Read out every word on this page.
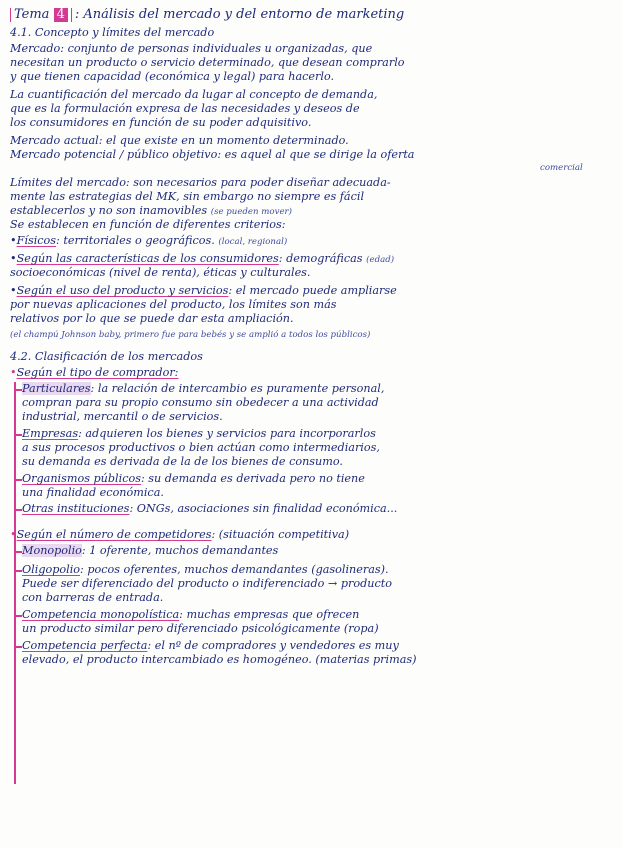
Tema 4 : Análisis del mercado y del entorno de marketing
4.1. Concepto y límites del mercado
Mercado: conjunto de personas individuales u organizadas, que
necesitan un producto o servicio determinado, que desean comprarlo
y que tienen capacidad (económica y legal) para hacerlo.
La cuantificación del mercado da lugar al concepto de demanda,
que es la formulación expresa de las necesidades y deseos de
los consumidores en función de su poder adquisitivo.
Mercado actual: el que existe en un momento determinado.
Mercado potencial / público objetivo: es aquel al que se dirige la oferta
comercial
Límites del mercado: son necesarios para poder diseñar adecuada-
mente las estrategias del MK, sin embargo no siempre es fácil
establecerlos y no son inamovibles (se pueden mover)
Se establecen en función de diferentes criterios:
•Físicos: territoriales o geográficos. (local, regional)
•Según las características de los consumidores: demográficas (edad)
socioeconómicas (nivel de renta), éticas y culturales.
•Según el uso del producto y servicios: el mercado puede ampliarse
por nuevas aplicaciones del producto, los límites son más
relativos por lo que se puede dar esta ampliación.
(el champú Johnson baby, primero fue para bebés y se amplió a todos los públicos)
4.2. Clasificación de los mercados
•Según el tipo de comprador:
Particulares: la relación de intercambio es puramente personal,
compran para su propio consumo sin obedecer a una actividad
industrial, mercantil o de servicios.
Empresas: adquieren los bienes y servicios para incorporarlos
a sus procesos productivos o bien actúan como intermediarios,
su demanda es derivada de la de los bienes de consumo.
Organismos públicos: su demanda es derivada pero no tiene
una finalidad económica.
Otras instituciones: ONGs, asociaciones sin finalidad económica...
•Según el número de competidores: (situación competitiva)
Monopolio: 1 oferente, muchos demandantes
Oligopolio: pocos oferentes, muchos demandantes (gasolineras).
Puede ser diferenciado del producto o indiferenciado → producto
con barreras de entrada.
Competencia monopolística: muchas empresas que ofrecen
un producto similar pero diferenciado psicológicamente (ropa)
Competencia perfecta: el nº de compradores y vendedores es muy
elevado, el producto intercambiado es homogéneo. (materias primas)
